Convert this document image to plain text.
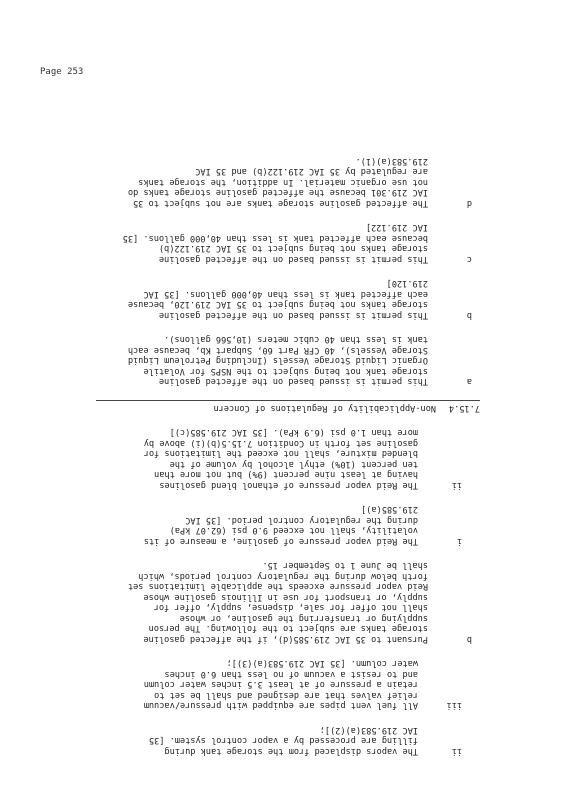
Page 253
ii
The vapors displaced from the storage tank during
filling are processed by a vapor control system. [35
IAC 219.583(a)(2)];
iii
All fuel vent pipes are equipped with pressure/vacuum
relief valves that are designed and shall be set to
retain a pressure of at least 3.5 inches water column
and to resist a vacuum of no less than 6.0 inches
water column. [35 IAC 219.583(a)(3)];
b
Pursuant to 35 IAC 219.585(d), if the affected gasoline
storage tanks are subject to the following. The person
supplying or transferring the gasoline, or whose
shall not offer for sale, dispense, supply, offer for
supply, or transport for use in Illinois gasoline whose
Reid vapor pressure exceeds the applicable limitations set
forth below during the regulatory control periods, which
shall be June 1 to September 15.
i
The Reid vapor pressure of gasoline, a measure of its
volatility, shall not exceed 9.0 psi (62.07 kPa)
during the regulatory control period. [35 IAC
219.585(a)]
ii
The Reid vapor pressure of ethanol blend gasolines
having at least nine percent (9%) but not more than
ten percent (10%) ethyl alcohol by volume of the
blended mixture, shall not exceed the limitations for
gasoline set forth in Condition 7.15.5(b)(i) above by
more than 1.0 psi (6.9 kPa). [35 IAC 219.585(c)]
7.15.4
Non-Applicability of Regulations of Concern
a
This permit is issued based on the affected gasoline
storage tank not being subject to the NSPS for Volatile
Organic Liquid Storage Vessels (Including Petroleum Liquid
Storage Vessels), 40 CFR Part 60, Subpart Kb, because each
tank is less than 40 cubic meters (10,566 gallons).
b
This permit is issued based on the affected gasoline
storage tanks not being subject to 35 IAC 219.120, because
each affected tank is less than 40,000 gallons. [35 IAC
219.120]
c
This permit is issued based on the affected gasoline
storage tanks not being subject to 35 IAC 219.122(b)
because each affected tank is less than 40,000 gallons. [35
IAC 219.122]
d
The affected gasoline storage tanks are not subject to 35
IAC 219.301 because the affected gasoline storage tanks do
not use organic material. In addition, the storage tanks
are regulated by 35 IAC 219.122(b) and 35 IAC
219.583(a)(1).
